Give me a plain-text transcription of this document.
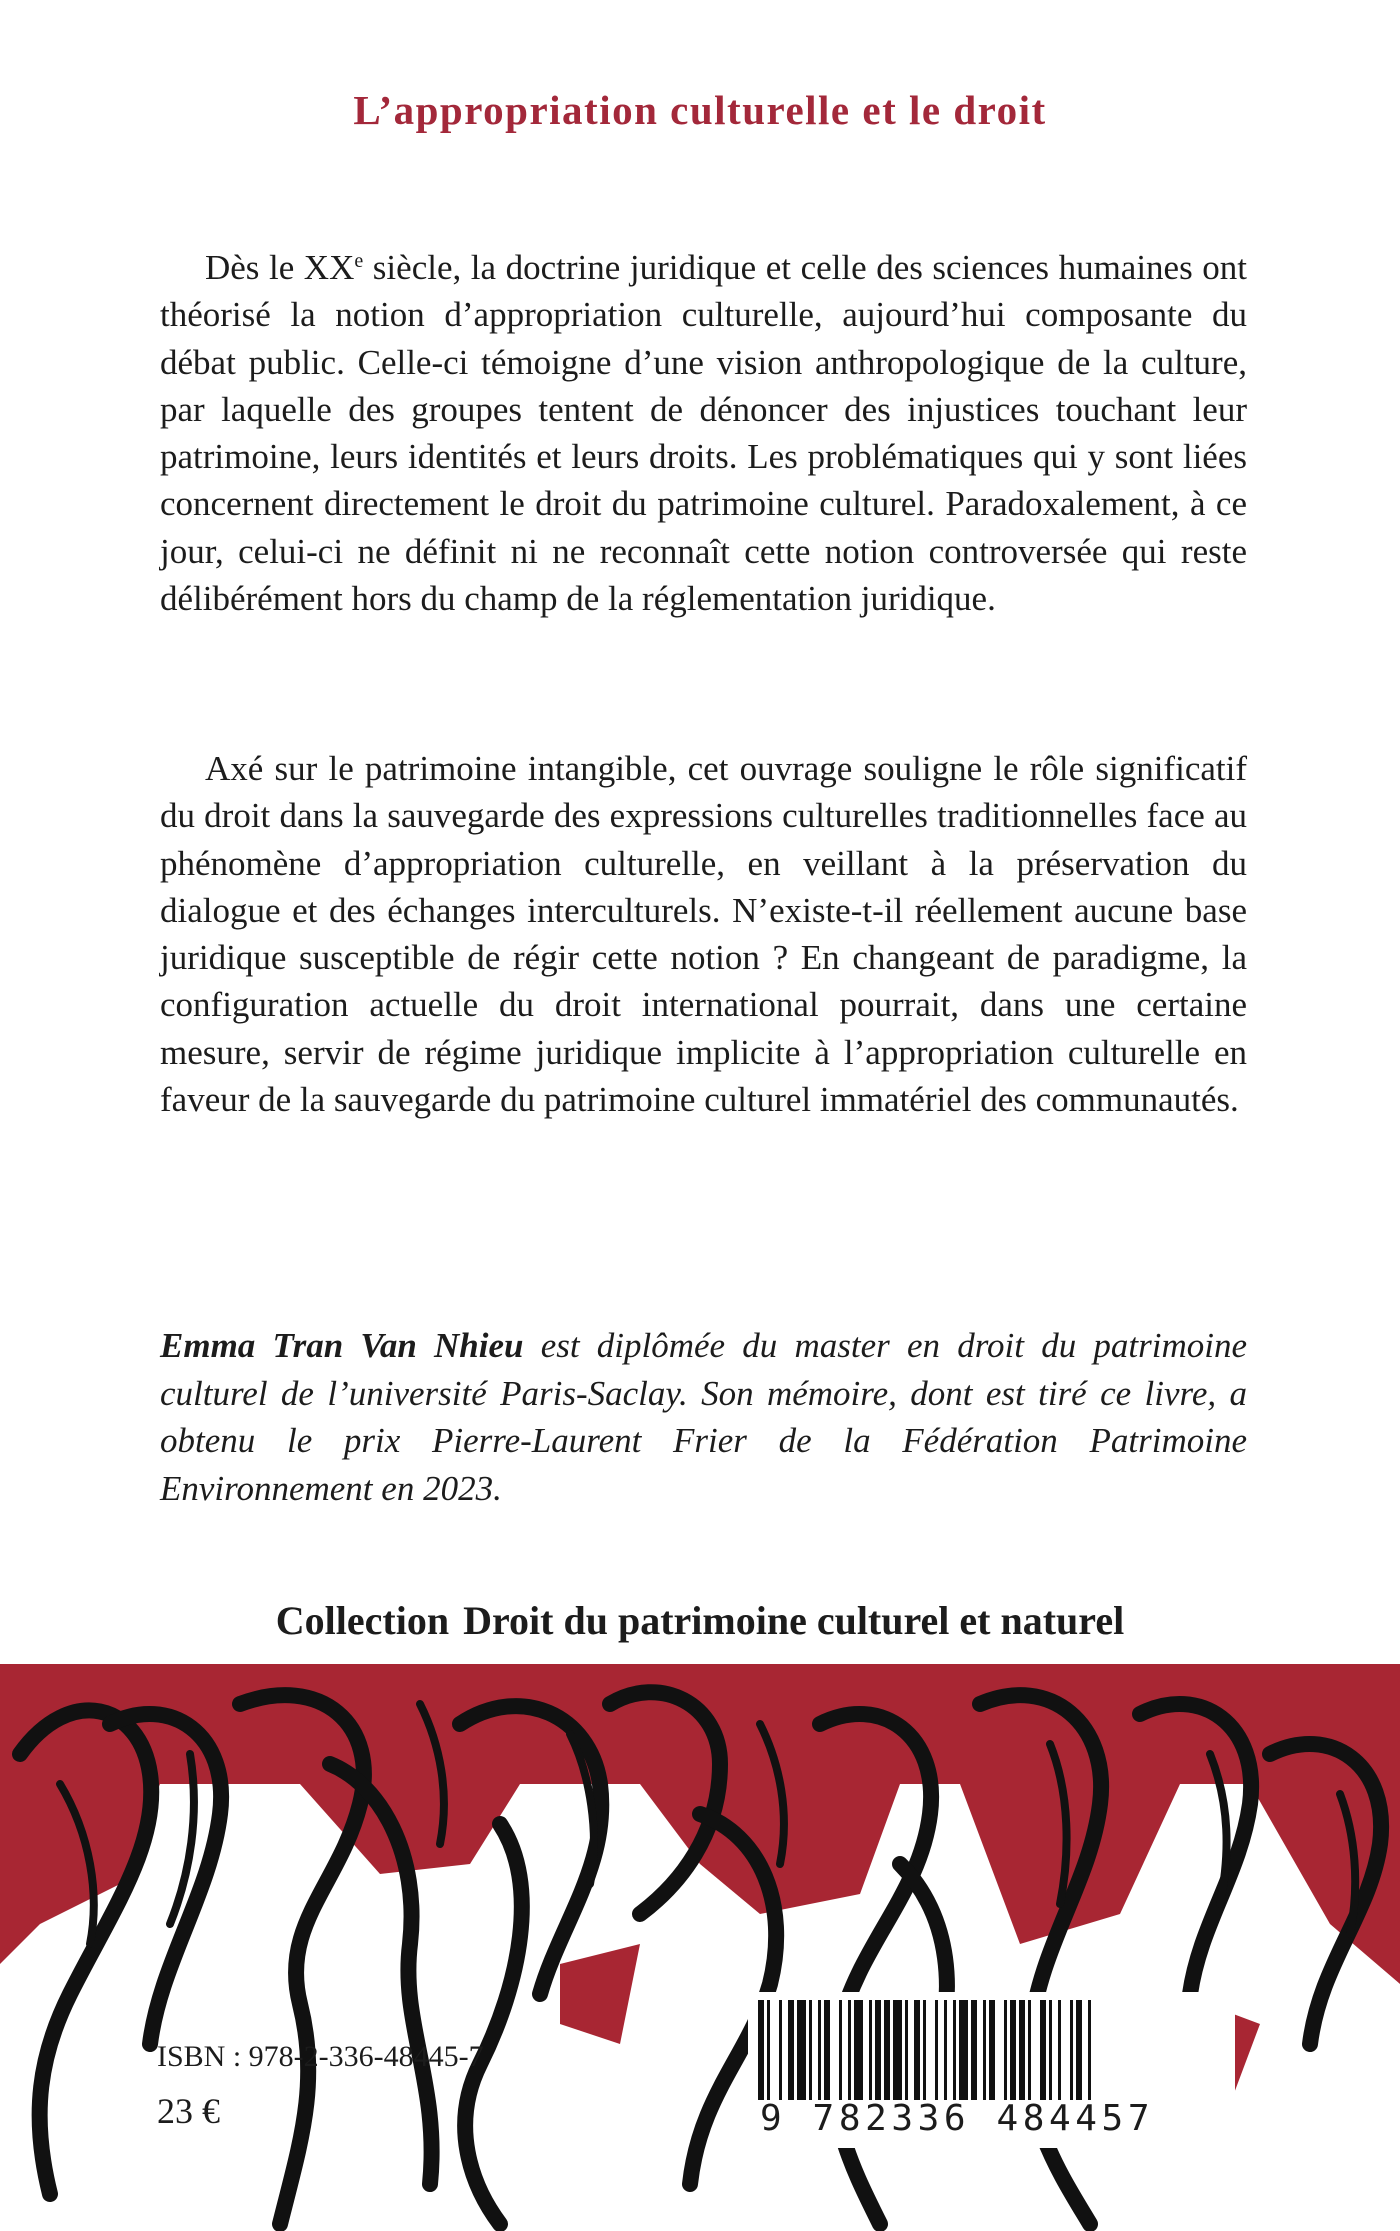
L’appropriation culturelle et le droit

Dès le XXe siècle, la doctrine juridique et celle des sciences humaines ont théorisé la notion d’appropriation culturelle, aujourd’hui composante du débat public. Celle-ci témoigne d’une vision anthropologique de la culture, par laquelle des groupes tentent de dénoncer des injustices touchant leur patrimoine, leurs identités et leurs droits. Les problématiques qui y sont liées concernent directement le droit du patrimoine culturel. Paradoxalement, à ce jour, celui-ci ne définit ni ne reconnaît cette notion controversée qui reste délibérément hors du champ de la réglementation juridique.

Axé sur le patrimoine intangible, cet ouvrage souligne le rôle significatif du droit dans la sauvegarde des expressions culturelles traditionnelles face au phénomène d’appropriation culturelle, en veillant à la préservation du dialogue et des échanges interculturels. N’existe-t-il réellement aucune base juridique susceptible de régir cette notion ? En changeant de paradigme, la configuration actuelle du droit international pourrait, dans une certaine mesure, servir de régime juridique implicite à l’appropriation culturelle en faveur de la sauvegarde du patrimoine culturel immatériel des communautés.

Emma Tran Van Nhieu est diplômée du master en droit du patrimoine culturel de l’université Paris-Saclay. Son mémoire, dont est tiré ce livre, a obtenu le prix Pierre-Laurent Frier de la Fédération Patrimoine Environnement en 2023.

Collection Droit du patrimoine culturel et naturel

ISBN : 978-2-336-48445-7

23 €	9 782336 484457
